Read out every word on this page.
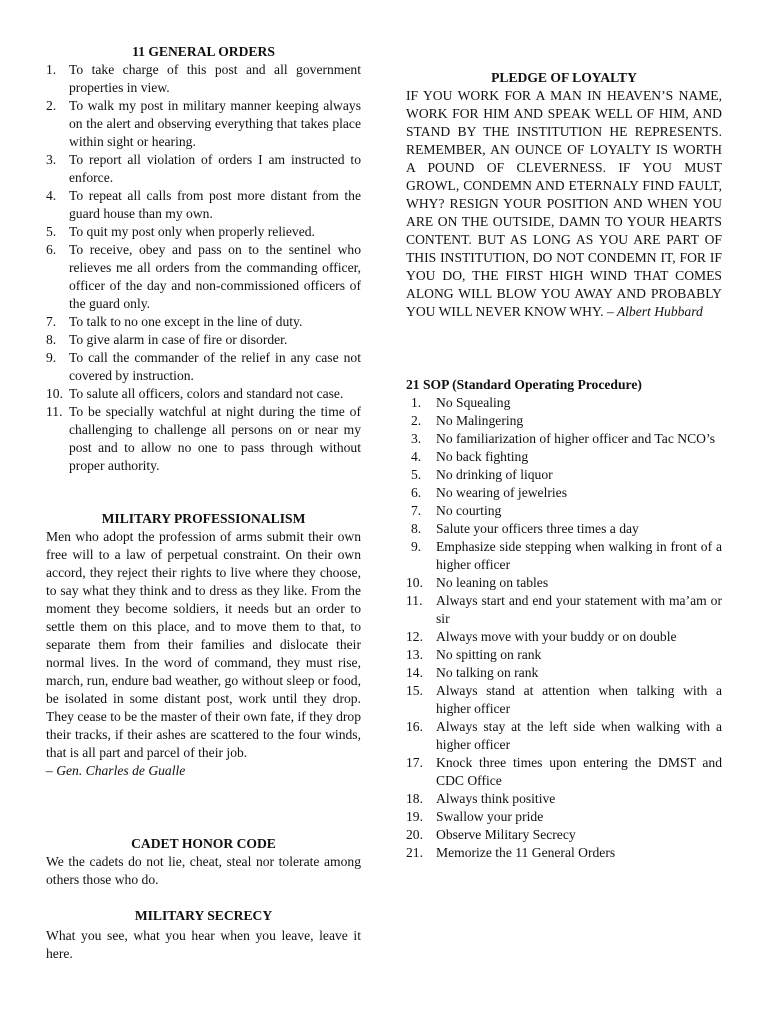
11 GENERAL ORDERS
1. To take charge of this post and all government properties in view.
2. To walk my post in military manner keeping always on the alert and observing everything that takes place within sight or hearing.
3. To report all violation of orders I am instructed to enforce.
4. To repeat all calls from post more distant from the guard house than my own.
5. To quit my post only when properly relieved.
6. To receive, obey and pass on to the sentinel who relieves me all orders from the commanding officer, officer of the day and non-commissioned officers of the guard only.
7. To talk to no one except in the line of duty.
8. To give alarm in case of fire or disorder.
9. To call the commander of the relief in any case not covered by instruction.
10. To salute all officers, colors and standard not case.
11. To be specially watchful at night during the time of challenging to challenge all persons on or near my post and to allow no one to pass through without proper authority.
MILITARY PROFESSIONALISM

Men who adopt the profession of arms submit their own free will to a law of perpetual constraint. On their own accord, they reject their rights to live where they choose, to say what they think and to dress as they like. From the moment they become soldiers, it needs but an order to settle them on this place, and to move them to that, to separate them from their families and dislocate their normal lives. In the word of command, they must rise, march, run, endure bad weather, go without sleep or food, be isolated in some distant post, work until they drop. They cease to be the master of their own fate, if they drop their tracks, if their ashes are scattered to the four winds, that is all part and parcel of their job.
– Gen. Charles de Gualle

CADET HONOR CODE

We the cadets do not lie, cheat, steal nor tolerate among others those who do.

MILITARY SECRECY

What you see, what you hear when you leave, leave it here.

PLEDGE OF LOYALTY

IF YOU WORK FOR A MAN IN HEAVEN’S NAME, WORK FOR HIM AND SPEAK WELL OF HIM, AND STAND BY THE INSTITUTION HE REPRESENTS. REMEMBER, AN OUNCE OF LOYALTY IS WORTH A POUND OF CLEVERNESS. IF YOU MUST GROWL, CONDEMN AND ETERNALY FIND FAULT, WHY? RESIGN YOUR POSITION AND WHEN YOU ARE ON THE OUTSIDE, DAMN TO YOUR HEARTS CONTENT. BUT AS LONG AS YOU ARE PART OF THIS INSTITUTION, DO NOT CONDEMN IT, FOR IF YOU DO, THE FIRST HIGH WIND THAT COMES ALONG WILL BLOW YOU AWAY AND PROBABLY YOU WILL NEVER KNOW WHY. – Albert Hubbard

21 SOP (Standard Operating Procedure)
1. No Squealing
2. No Malingering
3. No familiarization of higher officer and Tac NCO’s
4. No back fighting
5. No drinking of liquor
6. No wearing of jewelries
7. No courting
8. Salute your officers three times a day
9. Emphasize side stepping when walking in front of a higher officer
10. No leaning on tables
11. Always start and end your statement with ma’am or sir
12. Always move with your buddy or on double
13. No spitting on rank
14. No talking on rank
15. Always stand at attention when talking with a higher officer
16. Always stay at the left side when walking with a higher officer
17. Knock three times upon entering the DMST and CDC Office
18. Always think positive
19. Swallow your pride
20. Observe Military Secrecy
21. Memorize the 11 General Orders
